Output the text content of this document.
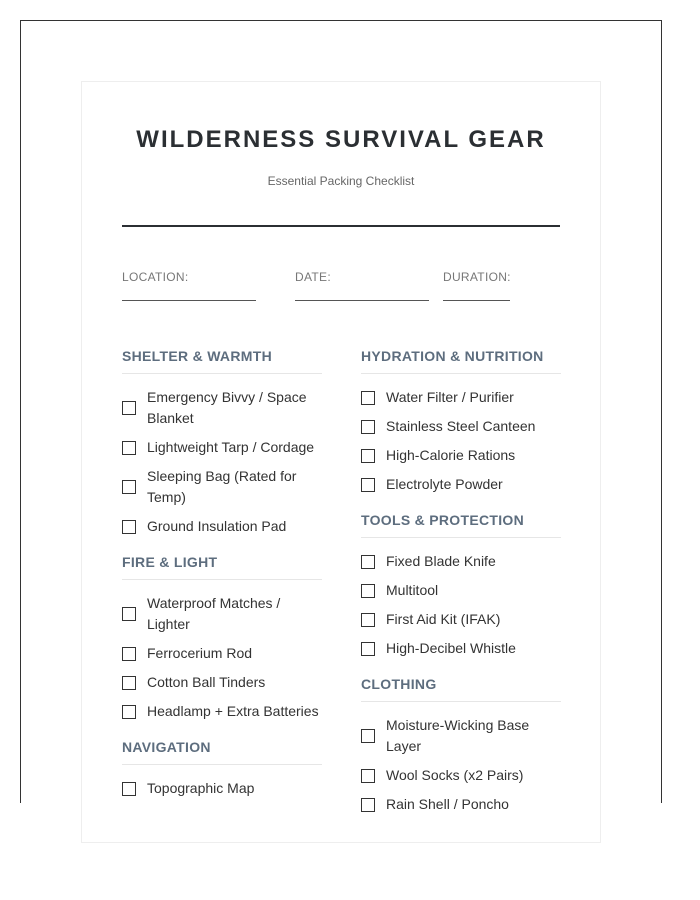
WILDERNESS SURVIVAL GEAR
Essential Packing Checklist
LOCATION:	DATE:	DURATION:
SHELTER & WARMTH
Emergency Bivvy / Space Blanket
Lightweight Tarp / Cordage
Sleeping Bag (Rated for Temp)
Ground Insulation Pad
FIRE & LIGHT
Waterproof Matches / Lighter
Ferrocerium Rod
Cotton Ball Tinders
Headlamp + Extra Batteries
NAVIGATION
Topographic Map
HYDRATION & NUTRITION
Water Filter / Purifier
Stainless Steel Canteen
High-Calorie Rations
Electrolyte Powder
TOOLS & PROTECTION
Fixed Blade Knife
Multitool
First Aid Kit (IFAK)
High-Decibel Whistle
CLOTHING
Moisture-Wicking Base Layer
Wool Socks (x2 Pairs)
Rain Shell / Poncho
